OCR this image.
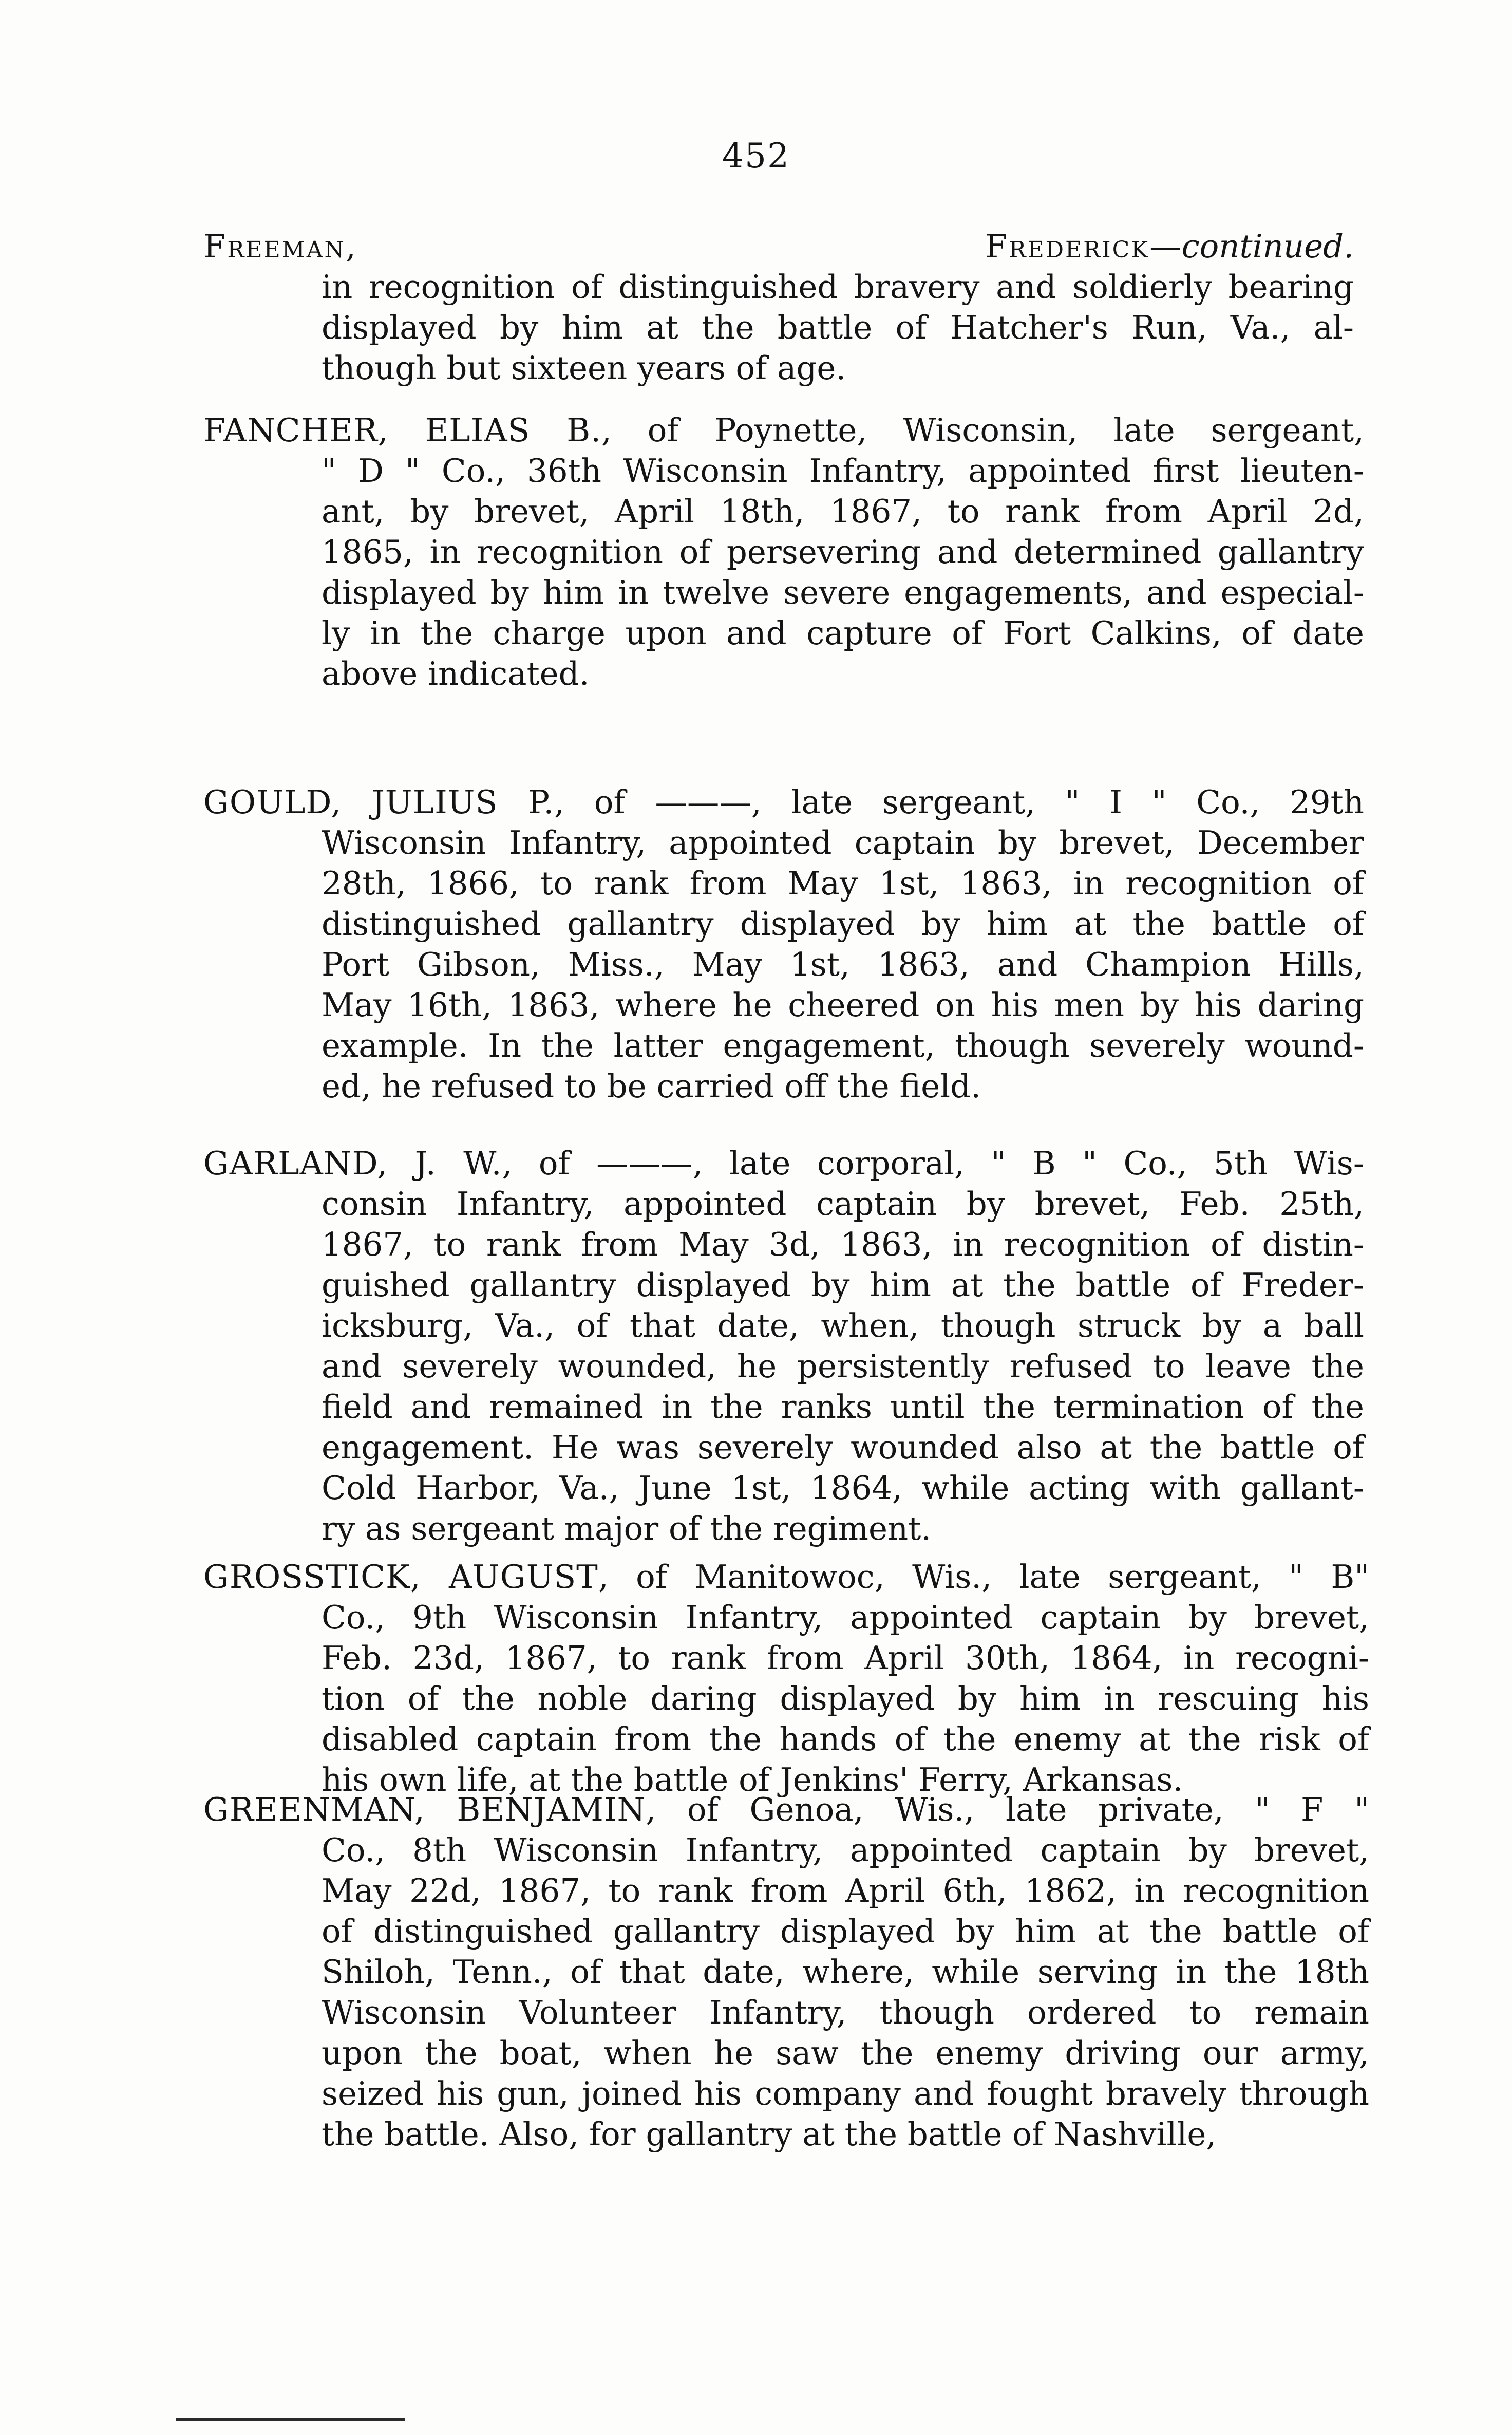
452
Freeman, Frederick—continued.
in recognition of distinguished bravery and soldierly bearing
displayed by him at the battle of Hatcher's Run, Va., al-
though but sixteen years of age.
FANCHER, ELIAS B., of Poynette, Wisconsin, late sergeant,
" D " Co., 36th Wisconsin Infantry, appointed first lieuten-
ant, by brevet, April 18th, 1867, to rank from April 2d,
1865, in recognition of persevering and determined gallantry
displayed by him in twelve severe engagements, and especial-
ly in the charge upon and capture of Fort Calkins, of date
above indicated.
GOULD, JULIUS P., of ———, late sergeant, " I " Co., 29th
Wisconsin Infantry, appointed captain by brevet, December
28th, 1866, to rank from May 1st, 1863, in recognition of
distinguished gallantry displayed by him at the battle of
Port Gibson, Miss., May 1st, 1863, and Champion Hills,
May 16th, 1863, where he cheered on his men by his daring
example. In the latter engagement, though severely wound-
ed, he refused to be carried off the field.
GARLAND, J. W., of ———, late corporal, " B " Co., 5th Wis-
consin Infantry, appointed captain by brevet, Feb. 25th,
1867, to rank from May 3d, 1863, in recognition of distin-
guished gallantry displayed by him at the battle of Freder-
icksburg, Va., of that date, when, though struck by a ball
and severely wounded, he persistently refused to leave the
field and remained in the ranks until the termination of the
engagement. He was severely wounded also at the battle of
Cold Harbor, Va., June 1st, 1864, while acting with gallant-
ry as sergeant major of the regiment.
GROSSTICK, AUGUST, of Manitowoc, Wis., late sergeant, " B"
Co., 9th Wisconsin Infantry, appointed captain by brevet,
Feb. 23d, 1867, to rank from April 30th, 1864, in recogni-
tion of the noble daring displayed by him in rescuing his
disabled captain from the hands of the enemy at the risk of
his own life, at the battle of Jenkins' Ferry, Arkansas.
GREENMAN, BENJAMIN, of Genoa, Wis., late private, " F "
Co., 8th Wisconsin Infantry, appointed captain by brevet,
May 22d, 1867, to rank from April 6th, 1862, in recognition
of distinguished gallantry displayed by him at the battle of
Shiloh, Tenn., of that date, where, while serving in the 18th
Wisconsin Volunteer Infantry, though ordered to remain
upon the boat, when he saw the enemy driving our army,
seized his gun, joined his company and fought bravely through
the battle. Also, for gallantry at the battle of Nashville,
